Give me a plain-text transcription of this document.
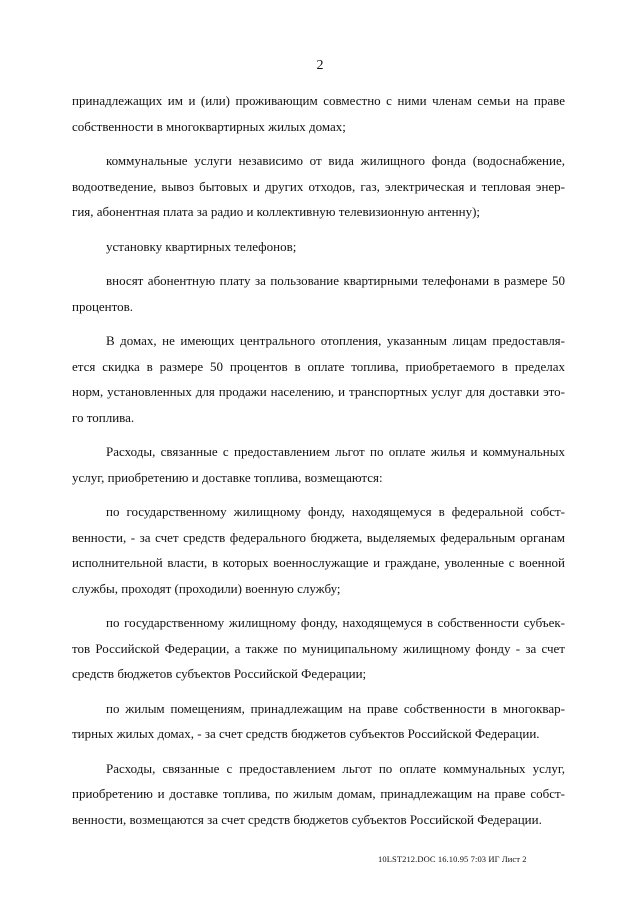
2
принадлежащих им и (или) проживающим совместно с ними членам семьи на праве
собственности в многоквартирных жилых домах;
коммунальные услуги независимо от вида жилищного фонда (водоснабжение,
водоотведение, вывоз бытовых и других отходов, газ, электрическая и тепловая энер-
гия, абонентная плата за радио и коллективную телевизионную антенну);
установку квартирных телефонов;
вносят абонентную плату за пользование квартирными телефонами в размере 50
процентов.
В домах, не имеющих центрального отопления, указанным лицам предоставля-
ется скидка в размере 50 процентов в оплате топлива, приобретаемого в пределах
норм, установленных для продажи населению, и транспортных услуг для доставки это-
го топлива.
Расходы, связанные с предоставлением льгот по оплате жилья и коммунальных
услуг, приобретению и доставке топлива, возмещаются:
по государственному жилищному фонду, находящемуся в федеральной собст-
венности, - за счет средств федерального бюджета, выделяемых федеральным органам
исполнительной власти, в которых военнослужащие и граждане, уволенные с военной
службы, проходят (проходили) военную службу;
по государственному жилищному фонду, находящемуся в собственности субъек-
тов Российской Федерации, а также по муниципальному жилищному фонду - за счет
средств бюджетов субъектов Российской Федерации;
по жилым помещениям, принадлежащим на праве собственности в многоквар-
тирных жилых домах, - за счет средств бюджетов субъектов Российской Федерации.
Расходы, связанные с предоставлением льгот по оплате коммунальных услуг,
приобретению и доставке топлива, по жилым домам, принадлежащим на праве собст-
венности, возмещаются за счет средств бюджетов субъектов Российской Федерации.
10LST212.DOC 16.10.95 7:03 ИГ Лист 2
